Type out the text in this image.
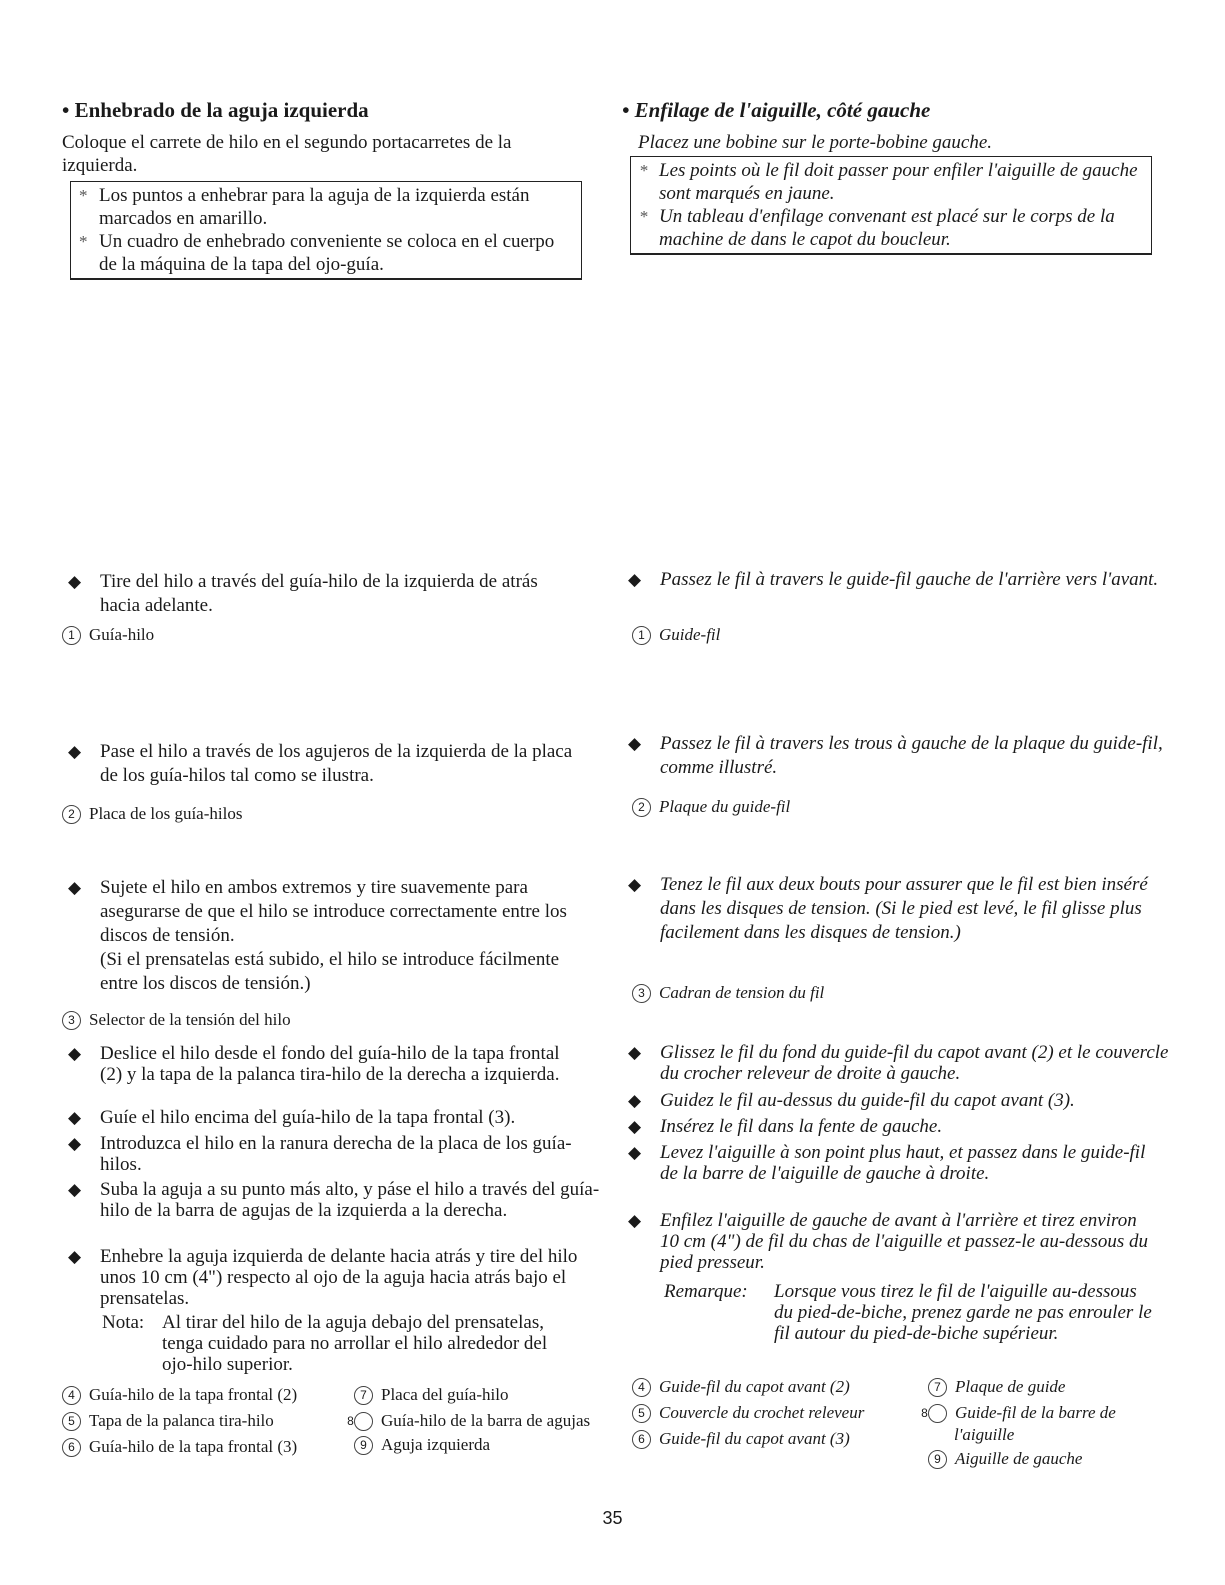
• Enhebrado de la aguja izquierda

Coloque el carrete de hilo en el segundo portacarretes de la izquierda.

* Los puntos a enhebrar para la aguja de la izquierda están marcados en amarillo.
* Un cuadro de enhebrado conveniente se coloca en el cuerpo de la máquina de la tapa del ojo-guía.

◆ Tire del hilo a través del guía-hilo de la izquierda de atrás hacia adelante.

1 Guía-hilo

◆ Pase el hilo a través de los agujeros de la izquierda de la placa de los guía-hilos tal como se ilustra.

2 Placa de los guía-hilos
◆ Sujete el hilo en ambos extremos y tire suavemente para asegurarse de que el hilo se introduce correctamente entre los discos de tensión.
(Si el prensatelas está subido, el hilo se introduce fácilmente entre los discos de tensión.)
3 Selector de la tensión del hilo

◆ Deslice el hilo desde el fondo del guía-hilo de la tapa frontal (2) y la tapa de la palanca tira-hilo de la derecha a izquierda.

◆ Guíe el hilo encima del guía-hilo de la tapa frontal (3).

◆ Introduzca el hilo en la ranura derecha de la placa de los guía-hilos.

◆ Suba la aguja a su punto más alto, y páse el hilo a través del guía-hilo de la barra de agujas de la izquierda a la derecha.

◆ Enhebre la aguja izquierda de delante hacia atrás y tire del hilo unos 10 cm (4") respecto al ojo de la aguja hacia atrás bajo el prensatelas.

Nota: Al tirar del hilo de la aguja debajo del prensatelas, tenga cuidado para no arrollar el hilo alrededor del ojo-hilo superior.
4 Guía-hilo de la tapa frontal (2)
5 Tapa de la palanca tira-hilo
6 Guía-hilo de la tapa frontal (3)
7 Placa del guía-hilo
8 Guía-hilo de la barra de agujas
9 Aguja izquierda
• Enfilage de l'aiguille, côté gauche

Placez une bobine sur le porte-bobine gauche.

* Les points où le fil doit passer pour enfiler l'aiguille de gauche sont marqués en jaune.
* Un tableau d'enfilage convenant est placé sur le corps de la machine de dans le capot du boucleur.

◆ Passez le fil à travers le guide-fil gauche de l'arrière vers l'avant.

1 Guide-fil

◆ Passez le fil à travers les trous à gauche de la plaque du guide-fil, comme illustré.

2 Plaque du guide-fil

◆ Tenez le fil aux deux bouts pour assurer que le fil est bien inséré dans les disques de tension. (Si le pied est levé, le fil glisse plus facilement dans les disques de tension.)

3 Cadran de tension du fil

◆ Glissez le fil du fond du guide-fil du capot avant (2) et le couvercle du crocher releveur de droite à gauche.

◆ Guidez le fil au-dessus du guide-fil du capot avant (3).

◆ Insérez le fil dans la fente de gauche.

◆ Levez l'aiguille à son point plus haut, et passez dans le guide-fil de la barre de l'aiguille de gauche à droite.

◆ Enfilez l'aiguille de gauche de avant à l'arrière et tirez environ 10 cm (4") de fil du chas de l'aiguille et passez-le au-dessous du pied presseur.

Remarque: Lorsque vous tirez le fil de l'aiguille au-dessous du pied-de-biche, prenez garde ne pas enrouler le fil autour du pied-de-biche supérieur.
4 Guide-fil du capot avant (2)
5 Couvercle du crochet releveur
6 Guide-fil du capot avant (3)
7 Plaque de guide
8 Guide-fil de la barre de l'aiguille
9 Aiguille de gauche
35
